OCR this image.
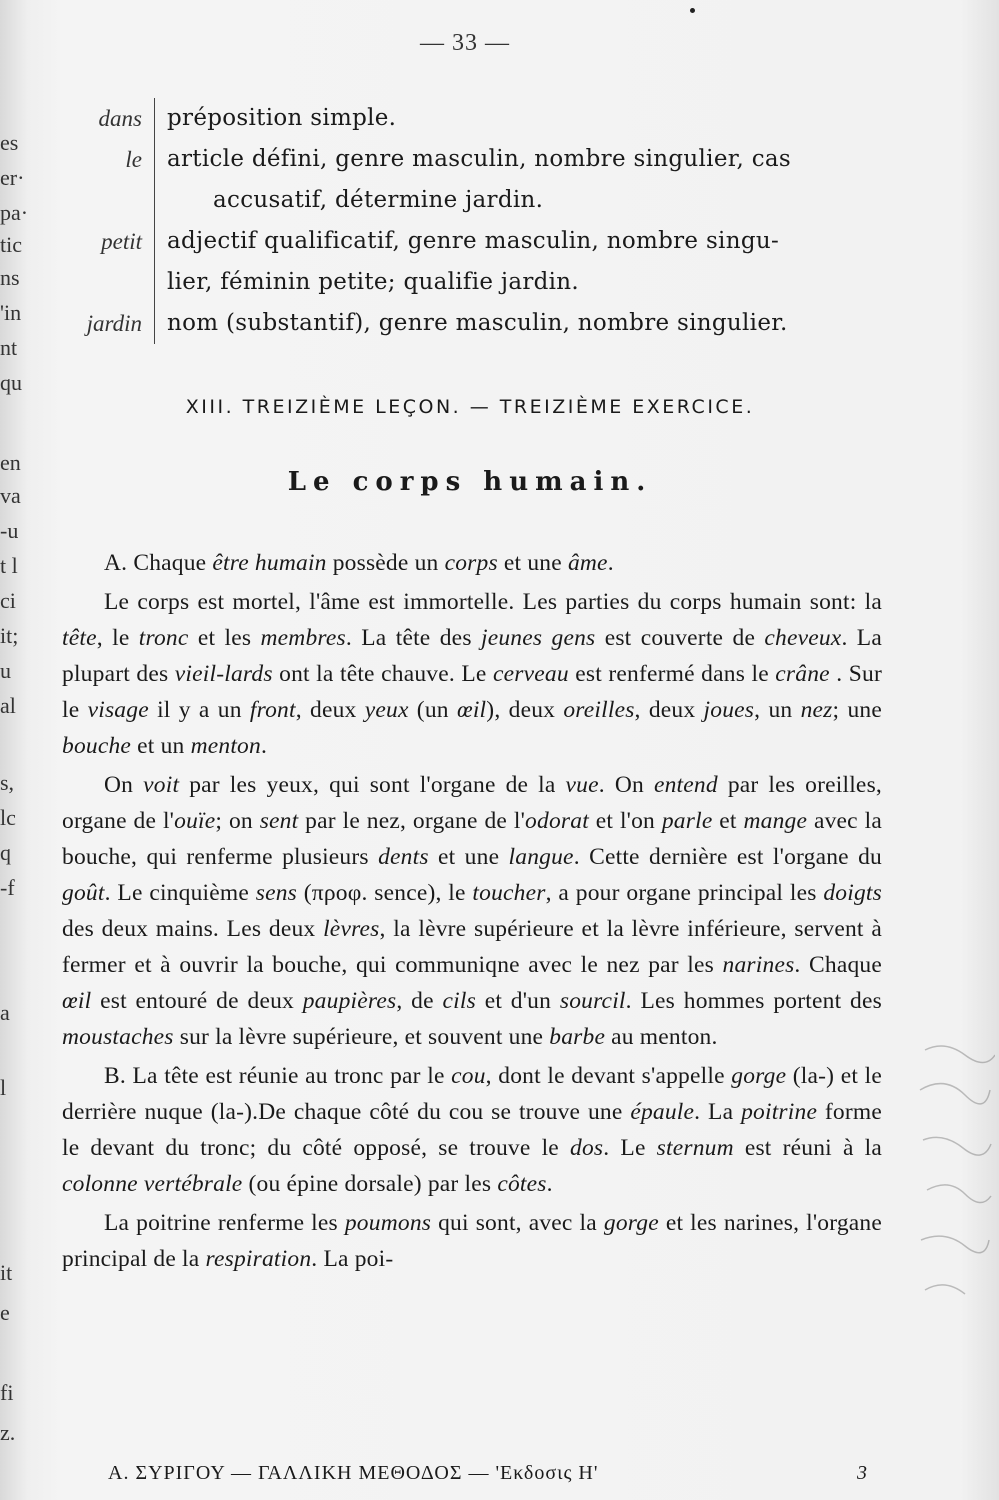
es
er·
pa·
tic
ns
'in
nt
qu
en
va
-u
t l
ci
it;
u
al
s,
lc
q
-f
a
l
it
e
fi
z.
— 33 —
dans	préposition simple.
le	article défini, genre masculin, nombre singulier, cas
accusatif, détermine jardin.
petit	adjectif qualificatif, genre masculin, nombre singu-
lier, féminin petite; qualifie jardin.
jardin	nom (substantif), genre masculin, nombre singulier.
XIII. TREIZIÈME LEÇON. — TREIZIÈME EXERCICE.
Le corps humain.

A. Chaque être humain possède un corps et une âme.

Le corps est mortel, l'âme est immortelle. Les parties du corps humain sont: la tête, le tronc et les membres. La tête des jeunes gens est couverte de cheveux. La plupart des vieil-lards ont la tête chauve. Le cerveau est renfermé dans le crâne . Sur le visage il y a un front, deux yeux (un œil), deux oreilles, deux joues, un nez; une bouche et un menton.

On voit par les yeux, qui sont l'organe de la vue. On entend par les oreilles, organe de l'ouïe; on sent par le nez, organe de l'odorat et l'on parle et mange avec la bouche, qui renferme plusieurs dents et une langue. Cette dernière est l'organe du goût. Le cinquième sens (προφ. sence), le toucher, a pour organe principal les doigts des deux mains. Les deux lèvres, la lèvre supérieure et la lèvre inférieure, servent à fermer et à ouvrir la bouche, qui communiqne avec le nez par les narines. Chaque œil est entouré de deux paupières, de cils et d'un sourcil. Les hommes portent des moustaches sur la lèvre supérieure, et souvent une barbe au menton.

B. La tête est réunie au tronc par le cou, dont le devant s'appelle gorge (la-) et le derrière nuque (la-).De chaque côté du cou se trouve une épaule. La poitrine forme le devant du tronc; du côté opposé, se trouve le dos. Le sternum est réuni à la colonne vertébrale (ou épine dorsale) par les côtes.

La poitrine renferme les poumons qui sont, avec la gorge et les narines, l'organe principal de la respiration. La poi-

Α. ΣΥΡΙΓΟΥ — ΓΑΛΛΙΚΗ ΜΕΘΟΔΟΣ — 'Εκδοσις Η'	3
